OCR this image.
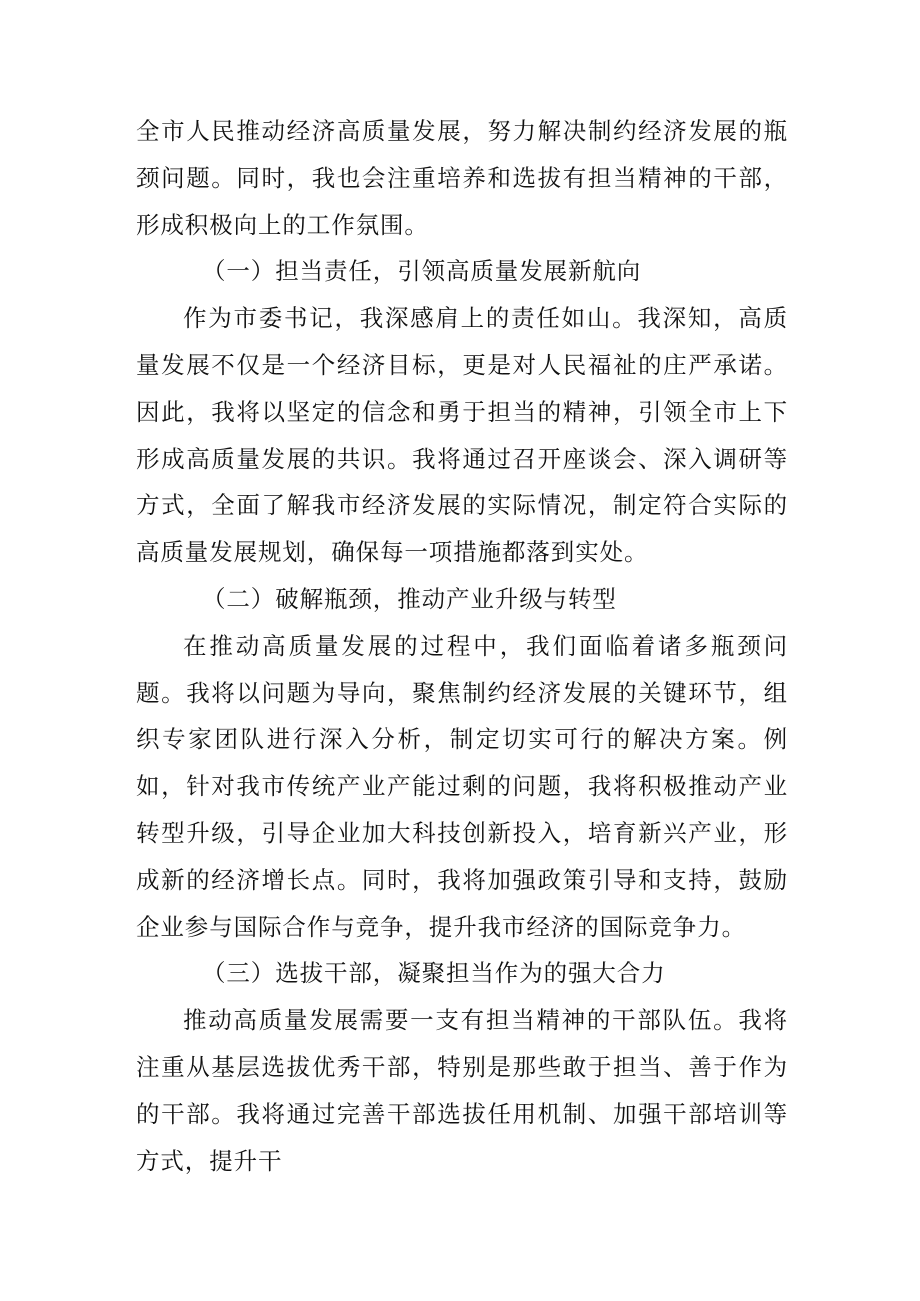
全市人民推动经济高质量发展，努力解决制约经济发展的瓶颈问题。同时，我也会注重培养和选拔有担当精神的干部，形成积极向上的工作氛围。

（一）担当责任，引领高质量发展新航向

作为市委书记，我深感肩上的责任如山。我深知，高质量发展不仅是一个经济目标，更是对人民福祉的庄严承诺。因此，我将以坚定的信念和勇于担当的精神，引领全市上下形成高质量发展的共识。我将通过召开座谈会、深入调研等方式，全面了解我市经济发展的实际情况，制定符合实际的高质量发展规划，确保每一项措施都落到实处。

（二）破解瓶颈，推动产业升级与转型

在推动高质量发展的过程中，我们面临着诸多瓶颈问题。我将以问题为导向，聚焦制约经济发展的关键环节，组织专家团队进行深入分析，制定切实可行的解决方案。例如，针对我市传统产业产能过剩的问题，我将积极推动产业转型升级，引导企业加大科技创新投入，培育新兴产业，形成新的经济增长点。同时，我将加强政策引导和支持，鼓励企业参与国际合作与竞争，提升我市经济的国际竞争力。

（三）选拔干部，凝聚担当作为的强大合力

推动高质量发展需要一支有担当精神的干部队伍。我将注重从基层选拔优秀干部，特别是那些敢于担当、善于作为的干部。我将通过完善干部选拔任用机制、加强干部培训等方式，提升干
